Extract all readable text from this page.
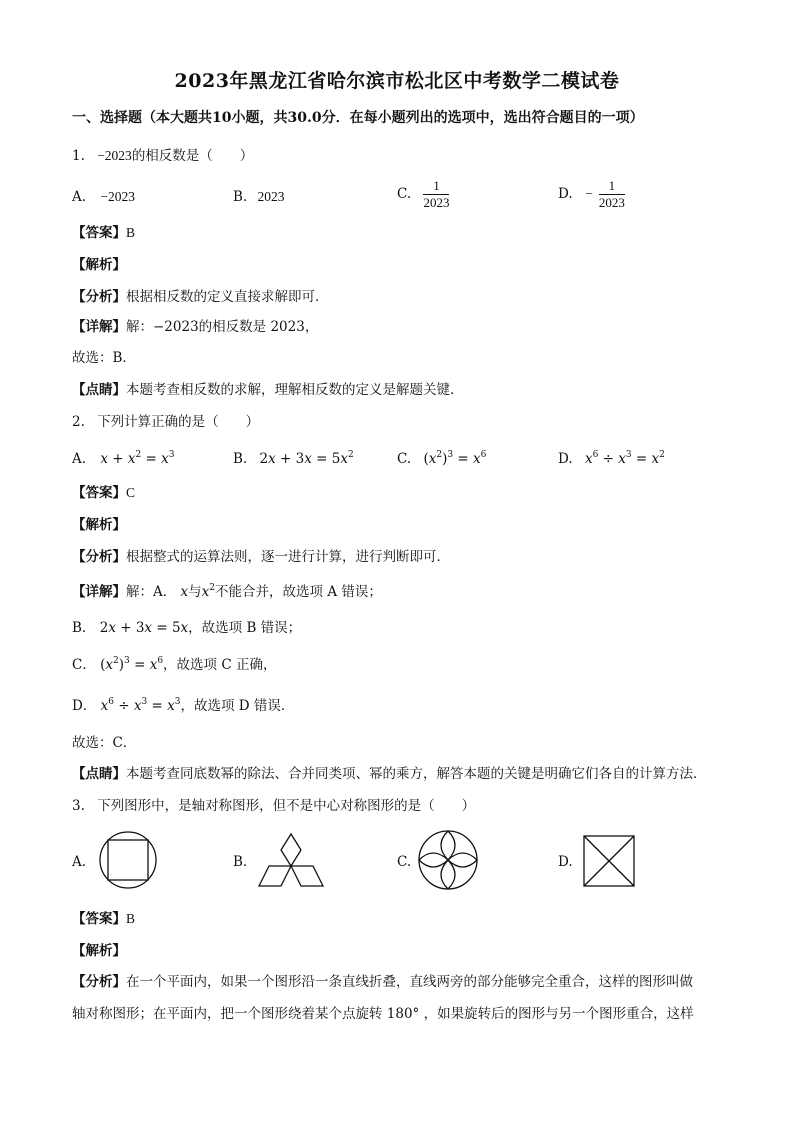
2023年黑龙江省哈尔滨市松北区中考数学二模试卷
一、选择题（本大题共10小题，共30.0分．在每小题列出的选项中，选出符合题目的一项）
1. −2023的相反数是（　　）
A. −2023	B. 2023	C. $\frac{1}{2023}$	D. − $\frac{1}{2023}$
【答案】B
【解析】
【分析】根据相反数的定义直接求解即可．
【详解】解：−2023的相反数是 2023，
故选：B．
【点睛】本题考查相反数的求解，理解相反数的定义是解题关键．
2. 下列计算正确的是（　　）
A. $x + x^2 = x^3$	B. $2x + 3x = 5x^2$	C. $(x^2)^3 = x^6$	D. $x^6 \div x^3 = x^2$
【答案】C
【解析】
【分析】根据整式的运算法则，逐一进行计算，进行判断即可．
【详解】解：A． x与$x^2$不能合并，故选项 A 错误；
B． 2x + 3x = 5x，故选项 B 错误；
C． $(x^2)^3 = x^6$，故选项 C 正确，
D． $x^6 \div x^3 = x^3$，故选项 D 错误．
故选：C．
【点睛】本题考查同底数幂的除法、合并同类项、幂的乘方，解答本题的关键是明确它们各自的计算方法．
3. 下列图形中，是轴对称图形，但不是中心对称图形的是（　　）
A.	B.	C.	D.
【答案】B
【解析】
【分析】在一个平面内，如果一个图形沿一条直线折叠，直线两旁的部分能够完全重合，这样的图形叫做
轴对称图形；在平面内，把一个图形绕着某个点旋转 180° ，如果旋转后的图形与另一个图形重合，这样
